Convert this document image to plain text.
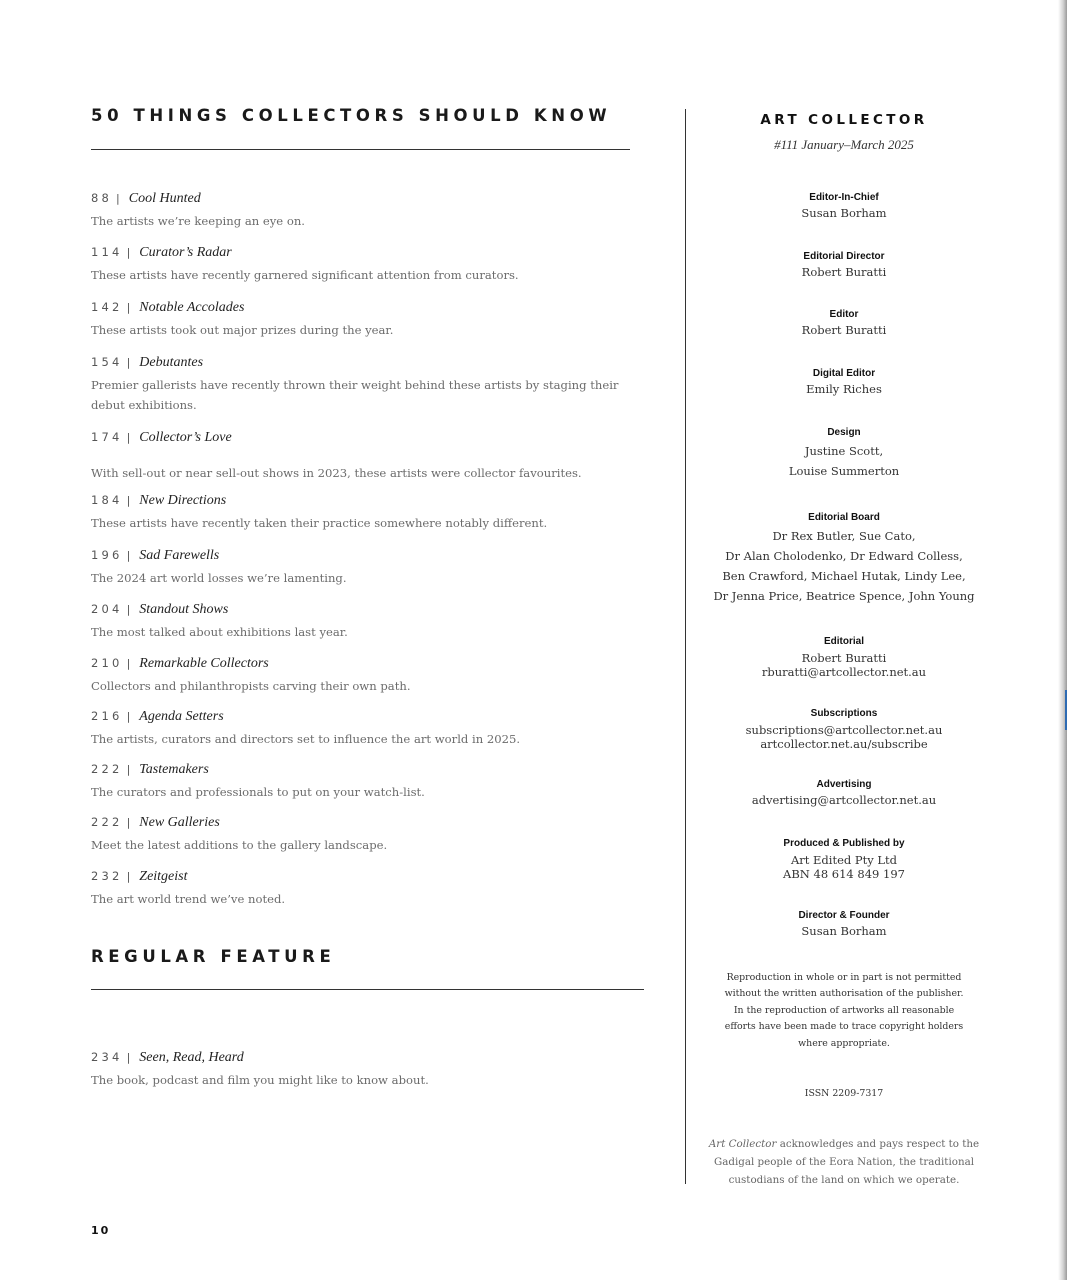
50 THINGS COLLECTORS SHOULD KNOW
88 | Cool Hunted
The artists we’re keeping an eye on.
114 | Curator’s Radar
These artists have recently garnered significant attention from curators.
142 | Notable Accolades
These artists took out major prizes during the year.
154 | Debutantes
Premier gallerists have recently thrown their weight behind these artists by staging their debut exhibitions.
174 | Collector’s Love
With sell-out or near sell-out shows in 2023, these artists were collector favourites.
184 | New Directions
These artists have recently taken their practice somewhere notably different.
196 | Sad Farewells
The 2024 art world losses we’re lamenting.
204 | Standout Shows
The most talked about exhibitions last year.
210 | Remarkable Collectors
Collectors and philanthropists carving their own path.
216 | Agenda Setters
The artists, curators and directors set to influence the art world in 2025.
222 | Tastemakers
The curators and professionals to put on your watch-list.
222 | New Galleries
Meet the latest additions to the gallery landscape.
232 | Zeitgeist
The art world trend we’ve noted.
REGULAR FEATURE
234 | Seen, Read, Heard
The book, podcast and film you might like to know about.
ART COLLECTOR
#111 January–March 2025
Editor-In-Chief
Susan Borham
Editorial Director
Robert Buratti
Editor
Robert Buratti
Digital Editor
Emily Riches
Design
Justine Scott,
Louise Summerton
Editorial Board
Dr Rex Butler, Sue Cato,
Dr Alan Cholodenko, Dr Edward Colless,
Ben Crawford, Michael Hutak, Lindy Lee,
Dr Jenna Price, Beatrice Spence, John Young
Editorial
Robert Buratti
rburatti@artcollector.net.au
Subscriptions
subscriptions@artcollector.net.au
artcollector.net.au/subscribe
Advertising
advertising@artcollector.net.au
Produced & Published by
Art Edited Pty Ltd
ABN 48 614 849 197
Director & Founder
Susan Borham
Reproduction in whole or in part is not permitted
without the written authorisation of the publisher.
In the reproduction of artworks all reasonable
efforts have been made to trace copyright holders
where appropriate.
ISSN 2209-7317
Art Collector acknowledges and pays respect to the
Gadigal people of the Eora Nation, the traditional
custodians of the land on which we operate.
10
